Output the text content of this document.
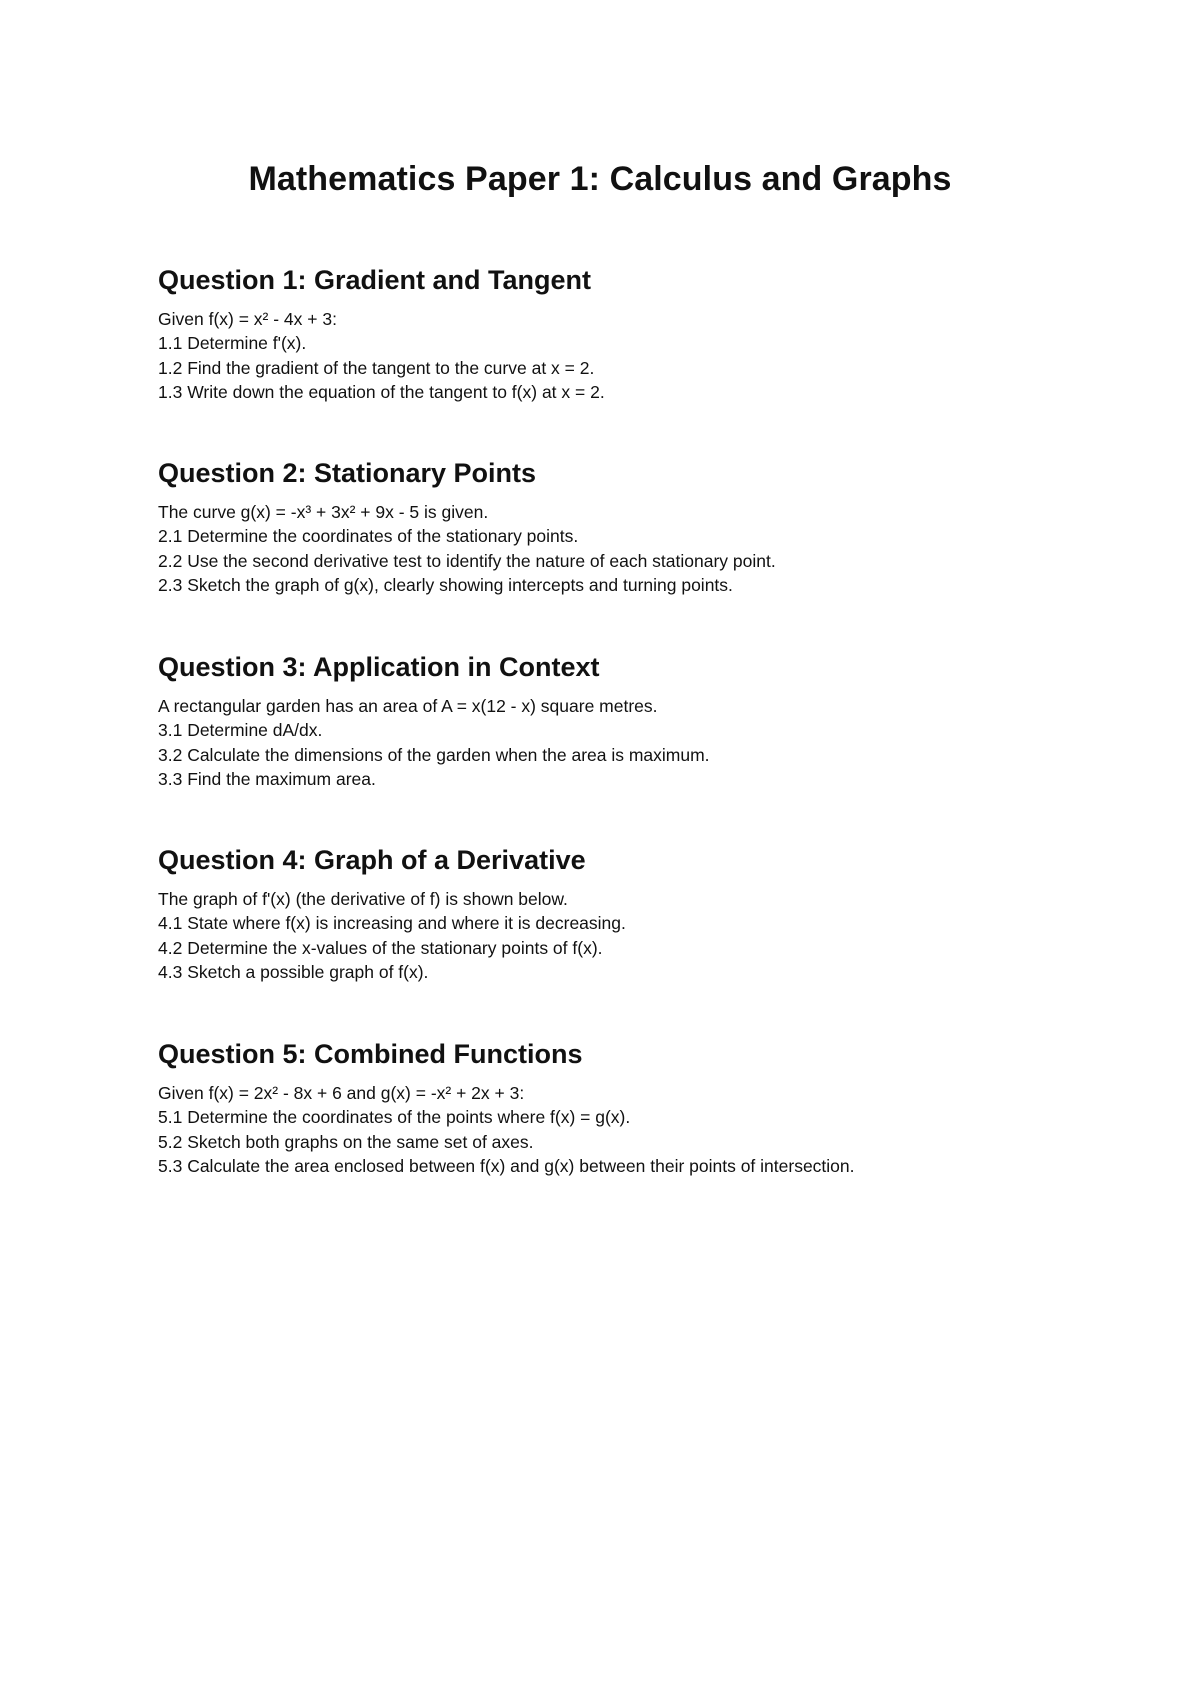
Mathematics Paper 1: Calculus and Graphs
Question 1: Gradient and Tangent

Given f(x) = x² - 4x + 3:

1.1 Determine f'(x).

1.2 Find the gradient of the tangent to the curve at x = 2.

1.3 Write down the equation of the tangent to f(x) at x = 2.

Question 2: Stationary Points

The curve g(x) = -x³ + 3x² + 9x - 5 is given.

2.1 Determine the coordinates of the stationary points.

2.2 Use the second derivative test to identify the nature of each stationary point.

2.3 Sketch the graph of g(x), clearly showing intercepts and turning points.

Question 3: Application in Context

A rectangular garden has an area of A = x(12 - x) square metres.

3.1 Determine dA/dx.

3.2 Calculate the dimensions of the garden when the area is maximum.

3.3 Find the maximum area.

Question 4: Graph of a Derivative

The graph of f'(x) (the derivative of f) is shown below.

4.1 State where f(x) is increasing and where it is decreasing.

4.2 Determine the x-values of the stationary points of f(x).

4.3 Sketch a possible graph of f(x).

Question 5: Combined Functions

Given f(x) = 2x² - 8x + 6 and g(x) = -x² + 2x + 3:

5.1 Determine the coordinates of the points where f(x) = g(x).

5.2 Sketch both graphs on the same set of axes.

5.3 Calculate the area enclosed between f(x) and g(x) between their points of intersection.
